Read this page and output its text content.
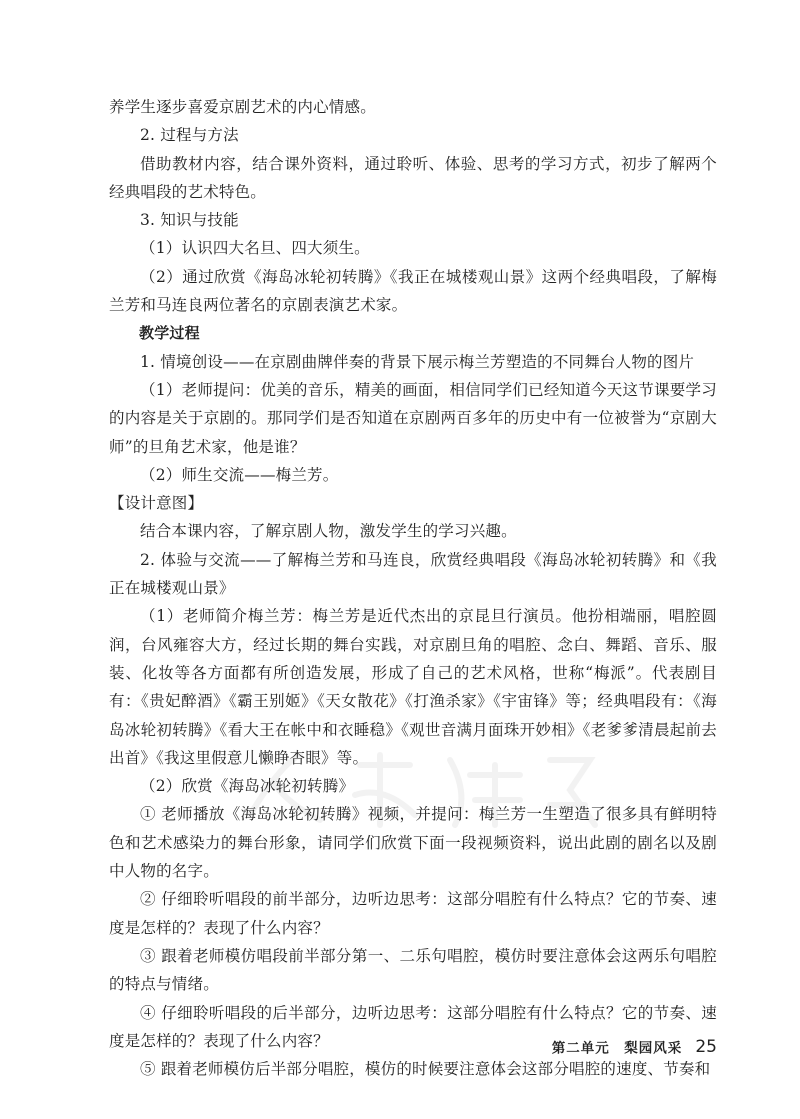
养学生逐步喜爱京剧艺术的内心情感。

2. 过程与方法

借助教材内容，结合课外资料，通过聆听、体验、思考的学习方式，初步了解两个经典唱段的艺术特色。

3. 知识与技能

（1）认识四大名旦、四大须生。

（2）通过欣赏《海岛冰轮初转腾》《我正在城楼观山景》这两个经典唱段，了解梅兰芳和马连良两位著名的京剧表演艺术家。

教学过程

1. 情境创设——在京剧曲牌伴奏的背景下展示梅兰芳塑造的不同舞台人物的图片

（1）老师提问：优美的音乐，精美的画面，相信同学们已经知道今天这节课要学习的内容是关于京剧的。那同学们是否知道在京剧两百多年的历史中有一位被誉为“京剧大师”的旦角艺术家，他是谁？

（2）师生交流——梅兰芳。

【设计意图】

结合本课内容，了解京剧人物，激发学生的学习兴趣。

2. 体验与交流——了解梅兰芳和马连良，欣赏经典唱段《海岛冰轮初转腾》和《我正在城楼观山景》

（1）老师简介梅兰芳：梅兰芳是近代杰出的京昆旦行演员。他扮相端丽，唱腔圆润，台风雍容大方，经过长期的舞台实践，对京剧旦角的唱腔、念白、舞蹈、音乐、服装、化妆等各方面都有所创造发展，形成了自己的艺术风格，世称“梅派”。代表剧目有：《贵妃醉酒》《霸王别姬》《天女散花》《打渔杀家》《宇宙锋》等；经典唱段有：《海岛冰轮初转腾》《看大王在帐中和衣睡稳》《观世音满月面珠开妙相》《老爹爹清晨起前去出首》《我这里假意儿懒睁杏眼》等。

（2）欣赏《海岛冰轮初转腾》

① 老师播放《海岛冰轮初转腾》视频，并提问：梅兰芳一生塑造了很多具有鲜明特色和艺术感染力的舞台形象，请同学们欣赏下面一段视频资料，说出此剧的剧名以及剧中人物的名字。

② 仔细聆听唱段的前半部分，边听边思考：这部分唱腔有什么特点？它的节奏、速度是怎样的？表现了什么内容？

③ 跟着老师模仿唱段前半部分第一、二乐句唱腔，模仿时要注意体会这两乐句唱腔的特点与情绪。

④ 仔细聆听唱段的后半部分，边听边思考：这部分唱腔有什么特点？它的节奏、速度是怎样的？表现了什么内容？

⑤ 跟着老师模仿后半部分唱腔，模仿的时候要注意体会这部分唱腔的速度、节奏和

第二单元　梨园风采 25
